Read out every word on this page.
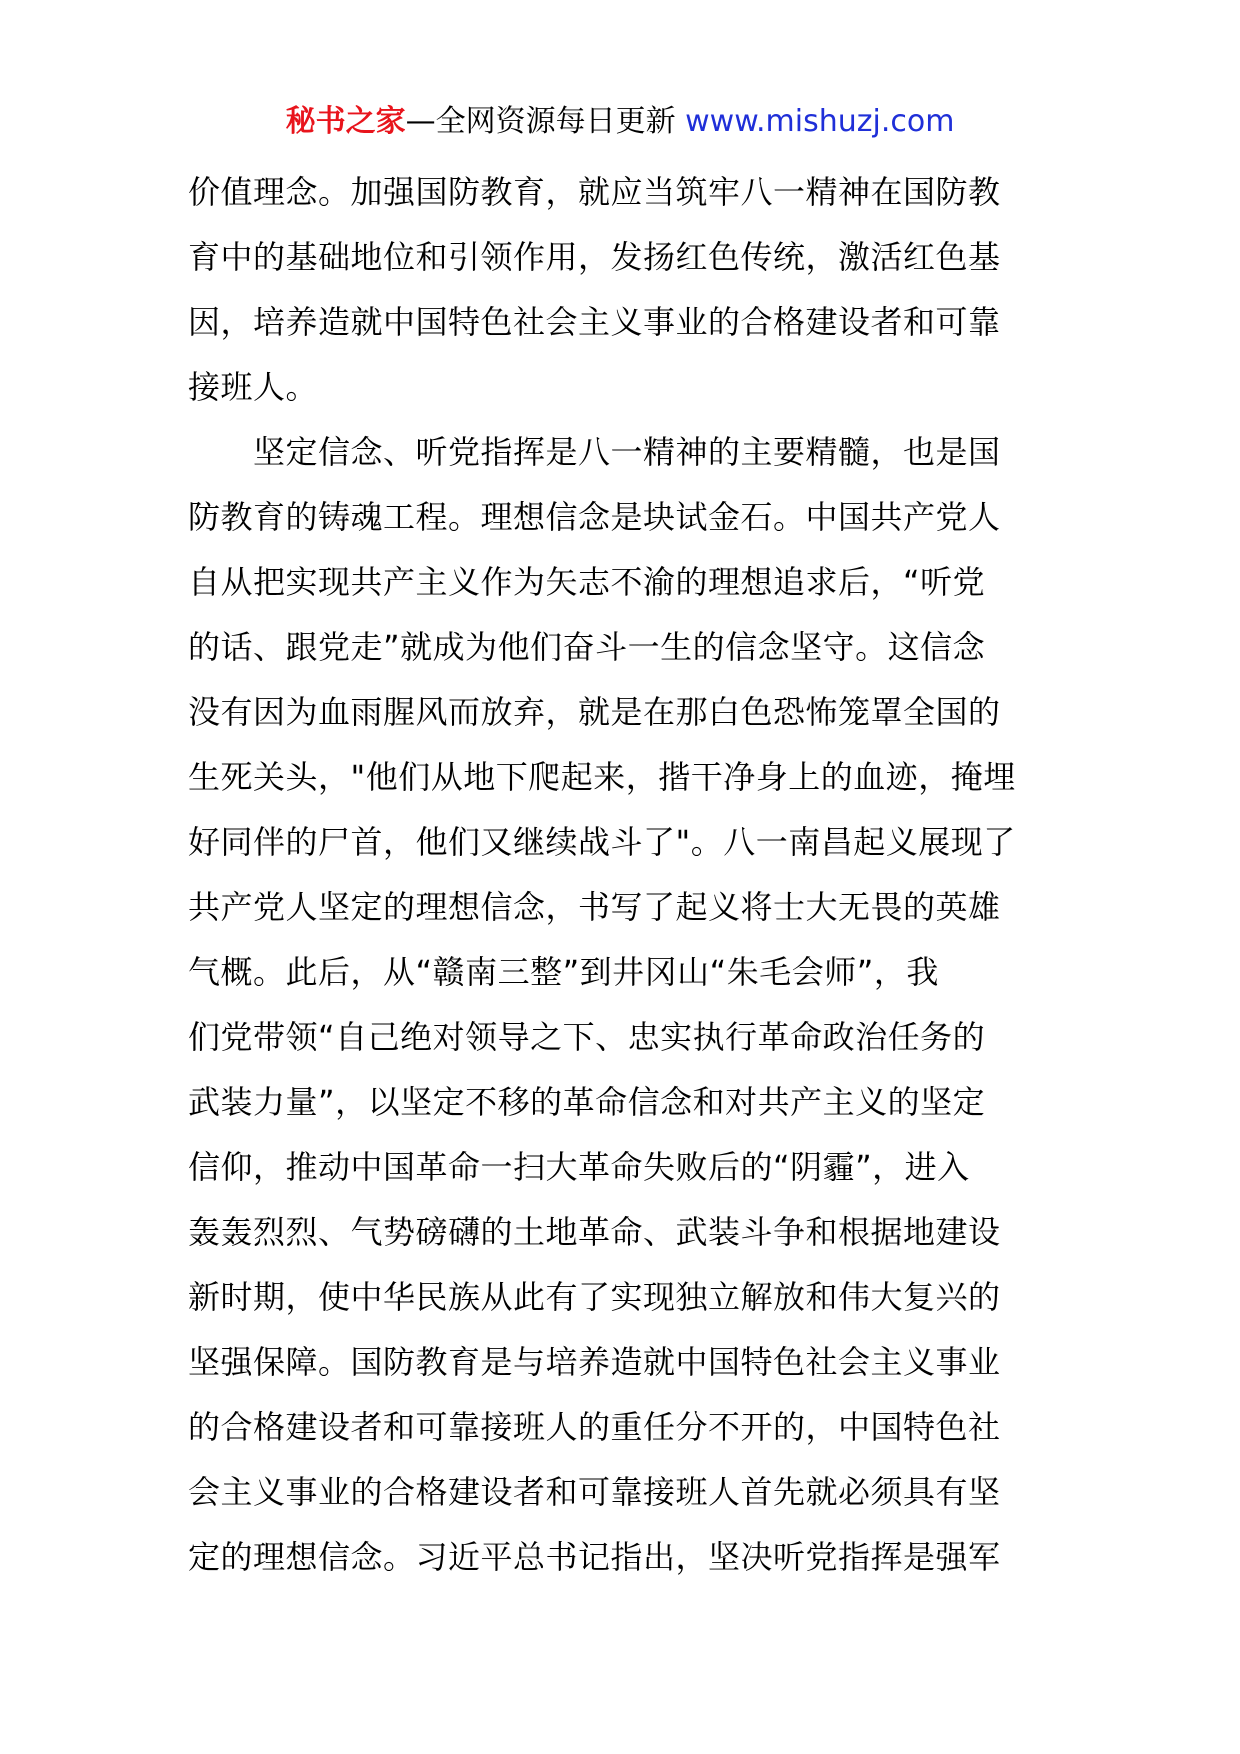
秘书之家—全网资源每日更新 www.mishuzj.com
价值理念。加强国防教育，就应当筑牢八一精神在国防教
育中的基础地位和引领作用，发扬红色传统，激活红色基
因，培养造就中国特色社会主义事业的合格建设者和可靠
接班人。
　　坚定信念、听党指挥是八一精神的主要精髓，也是国
防教育的铸魂工程。理想信念是块试金石。中国共产党人
自从把实现共产主义作为矢志不渝的理想追求后，“听党
的话、跟党走”就成为他们奋斗一生的信念坚守。这信念
没有因为血雨腥风而放弃，就是在那白色恐怖笼罩全国的
生死关头，"他们从地下爬起来，揩干净身上的血迹，掩埋
好同伴的尸首，他们又继续战斗了"。八一南昌起义展现了
共产党人坚定的理想信念，书写了起义将士大无畏的英雄
气概。此后，从“赣南三整”到井冈山“朱毛会师”，我
们党带领“自己绝对领导之下、忠实执行革命政治任务的
武装力量”，以坚定不移的革命信念和对共产主义的坚定
信仰，推动中国革命一扫大革命失败后的“阴霾”，进入
轰轰烈烈、气势磅礴的土地革命、武装斗争和根据地建设
新时期，使中华民族从此有了实现独立解放和伟大复兴的
坚强保障。国防教育是与培养造就中国特色社会主义事业
的合格建设者和可靠接班人的重任分不开的，中国特色社
会主义事业的合格建设者和可靠接班人首先就必须具有坚
定的理想信念。习近平总书记指出，坚决听党指挥是强军
